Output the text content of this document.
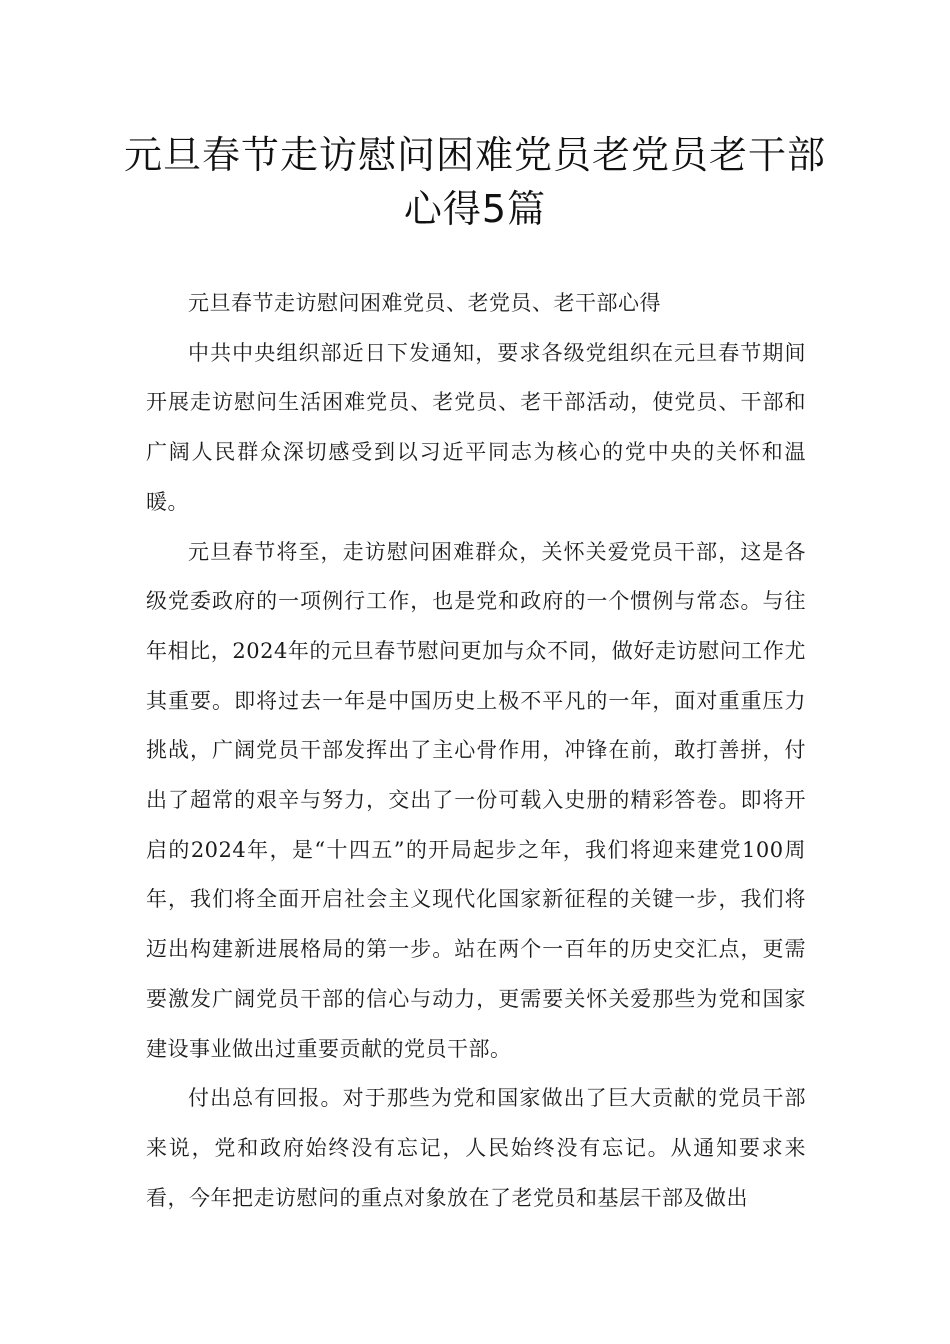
元旦春节走访慰问困难党员老党员老干部心得5篇

元旦春节走访慰问困难党员、老党员、老干部心得

中共中央组织部近日下发通知，要求各级党组织在元旦春节期间开展走访慰问生活困难党员、老党员、老干部活动，使党员、干部和广阔人民群众深切感受到以习近平同志为核心的党中央的关怀和温暖。

元旦春节将至，走访慰问困难群众，关怀关爱党员干部，这是各级党委政府的一项例行工作，也是党和政府的一个惯例与常态。与往年相比，2024年的元旦春节慰问更加与众不同，做好走访慰问工作尤其重要。即将过去一年是中国历史上极不平凡的一年，面对重重压力挑战，广阔党员干部发挥出了主心骨作用，冲锋在前，敢打善拼，付出了超常的艰辛与努力，交出了一份可载入史册的精彩答卷。即将开启的2024年，是“十四五”的开局起步之年，我们将迎来建党100周年，我们将全面开启社会主义现代化国家新征程的关键一步，我们将迈出构建新进展格局的第一步。站在两个一百年的历史交汇点，更需要激发广阔党员干部的信心与动力，更需要关怀关爱那些为党和国家建设事业做出过重要贡献的党员干部。

付出总有回报。对于那些为党和国家做出了巨大贡献的党员干部来说，党和政府始终没有忘记，人民始终没有忘记。从通知要求来看，今年把走访慰问的重点对象放在了老党员和基层干部及做出
